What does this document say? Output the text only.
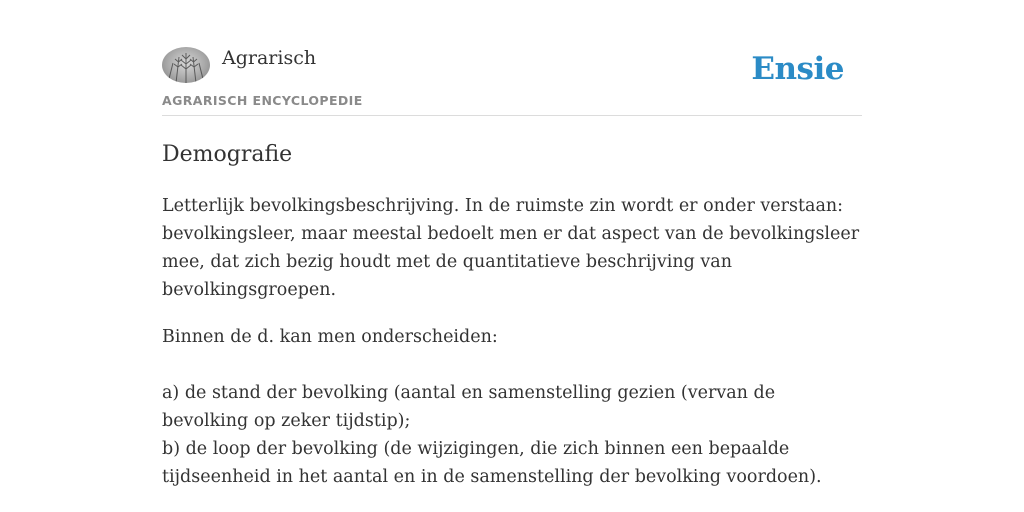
Agrarisch
AGRARISCH ENCYCLOPEDIE
Ensie
Demografie

Letterlijk bevolkingsbeschrijving. In de ruimste zin wordt er onder verstaan: bevolkingsleer, maar meestal bedoelt men er dat aspect van de bevolkingsleer mee, dat zich bezig houdt met de quantitatieve beschrijving van bevolkingsgroepen.

Binnen de d. kan men onderscheiden:

a) de stand der bevolking (aantal en samenstelling gezien (vervan de bevolking op zeker tijdstip);

b) de loop der bevolking (de wijzigingen, die zich binnen een bepaalde tijdseenheid in het aantal en in de samenstelling der bevolking voordoen).
